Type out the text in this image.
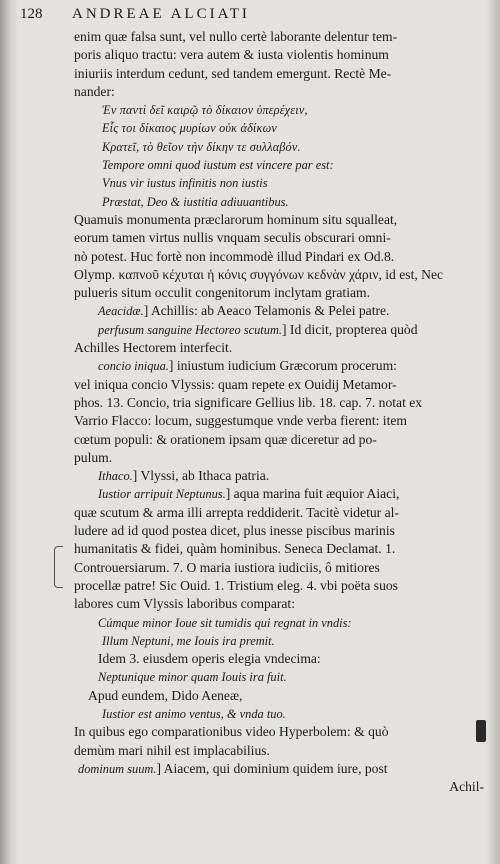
128 ANDREAE ALCIATI
enim quæ falsa sunt, vel nullo certè laborante delentur tem-
poris aliquo tractu: vera autem & iusta violentis hominum
iniuriis interdum cedunt, sed tandem emergunt. Rectè Me-
nander:
Ἐν παντὶ δεῖ καιρῷ τὸ δίκαιον ὑπερέχειν,
Εἷς τοι δίκαιος μυρίων οὐκ ἀδίκων
Κρατεῖ, τὸ θεῖον τὴν δίκην τε συλλαβόν.
Tempore omni quod iustum est vincere par est:
Vnus vir iustus infinitis non iustis
Præstat, Deo & iustitia adiuuantibus.
Quamuis monumenta præclarorum hominum situ squalleat,
eorum tamen virtus nullis vnquam seculis obscurari omni-
nò potest. Huc fortè non incommodè illud Pindari ex Od.8.
Olymp. καπνοῦ κέχυται ἡ κόνις συγγόνων κεδνὰν χάριν, id est, Nec
pulueris situm occulit congenitorum inclytam gratiam.
Aeacidæ.] Achillis: ab Aeaco Telamonis & Pelei patre.
perfusum sanguine Hectoreo scutum.] Id dicit, propterea quòd
Achilles Hectorem interfecit.
concio iniqua.] iniustum iudicium Græcorum procerum:
vel iniqua concio Vlyssis: quam repete ex Ouidij Metamor-
phos. 13. Concio, tria significare Gellius lib. 18. cap. 7. notat ex
Varrio Flacco: locum, suggestumque vnde verba fierent: item
cœtum populi: & orationem ipsam quæ diceretur ad po-
pulum.
Ithaco.] Vlyssi, ab Ithaca patria.
Iustior arripuit Neptunus.] aqua marina fuit æquior Aiaci,
quæ scutum & arma illi arrepta reddiderit. Tacitè videtur al-
ludere ad id quod postea dicet, plus inesse piscibus marinis
humanitatis & fidei, quàm hominibus. Seneca Declamat. 1.
Controuersiarum. 7. O maria iustiora iudiciis, ô mitiores
procellæ patre! Sic Ouid. 1. Tristium eleg. 4. vbi poëta suos
labores cum Vlyssis laboribus comparat:
Cúmque minor Ioue sit tumidis qui regnat in vndis:
Illum Neptuni, me Iouis ira premit.
Idem 3. eiusdem operis elegia vndecima:
Neptunique minor quam Iouis ira fuit.
Apud eundem, Dido Aeneæ,
Iustior est animo ventus, & vnda tuo.
In quibus ego comparationibus video Hyperbolem: & quò
demùm mari nihil est implacabilius.
dominum suum.] Aiacem, qui dominium quidem iure, post
Achil-
